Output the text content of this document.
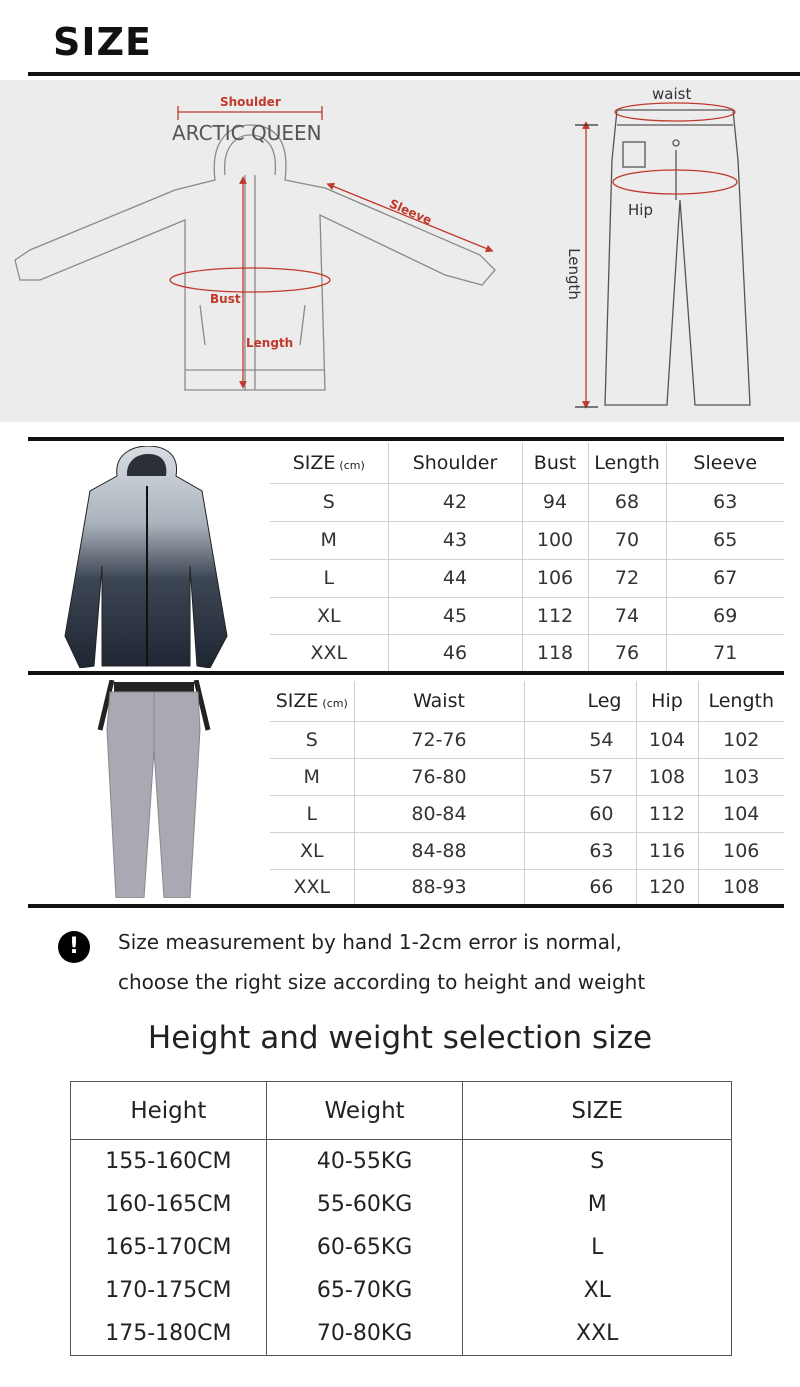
SIZE
Shoulder
ARCTIC QUEEN
Sleeve
Bust
Length
waist
Hip
Length
SIZE (cm)	Shoulder	Bust	Length	Sleeve
S	42	94	68	63
M	43	100	70	65
L	44	106	72	67
XL	45	112	74	69
XXL	46	118	76	71
SIZE (cm)	Waist	Leg	Hip	Length
S	72-76	54	104	102
M	76-80	57	108	103
L	80-84	60	112	104
XL	84-88	63	116	106
XXL	88-93	66	120	108
!	Size measurement by hand 1-2cm error is normal,
choose the right size according to height and weight
Height and weight selection size
Height	Weight	SIZE
155-160CM	40-55KG	S
160-165CM	55-60KG	M
165-170CM	60-65KG	L
170-175CM	65-70KG	XL
175-180CM	70-80KG	XXL
